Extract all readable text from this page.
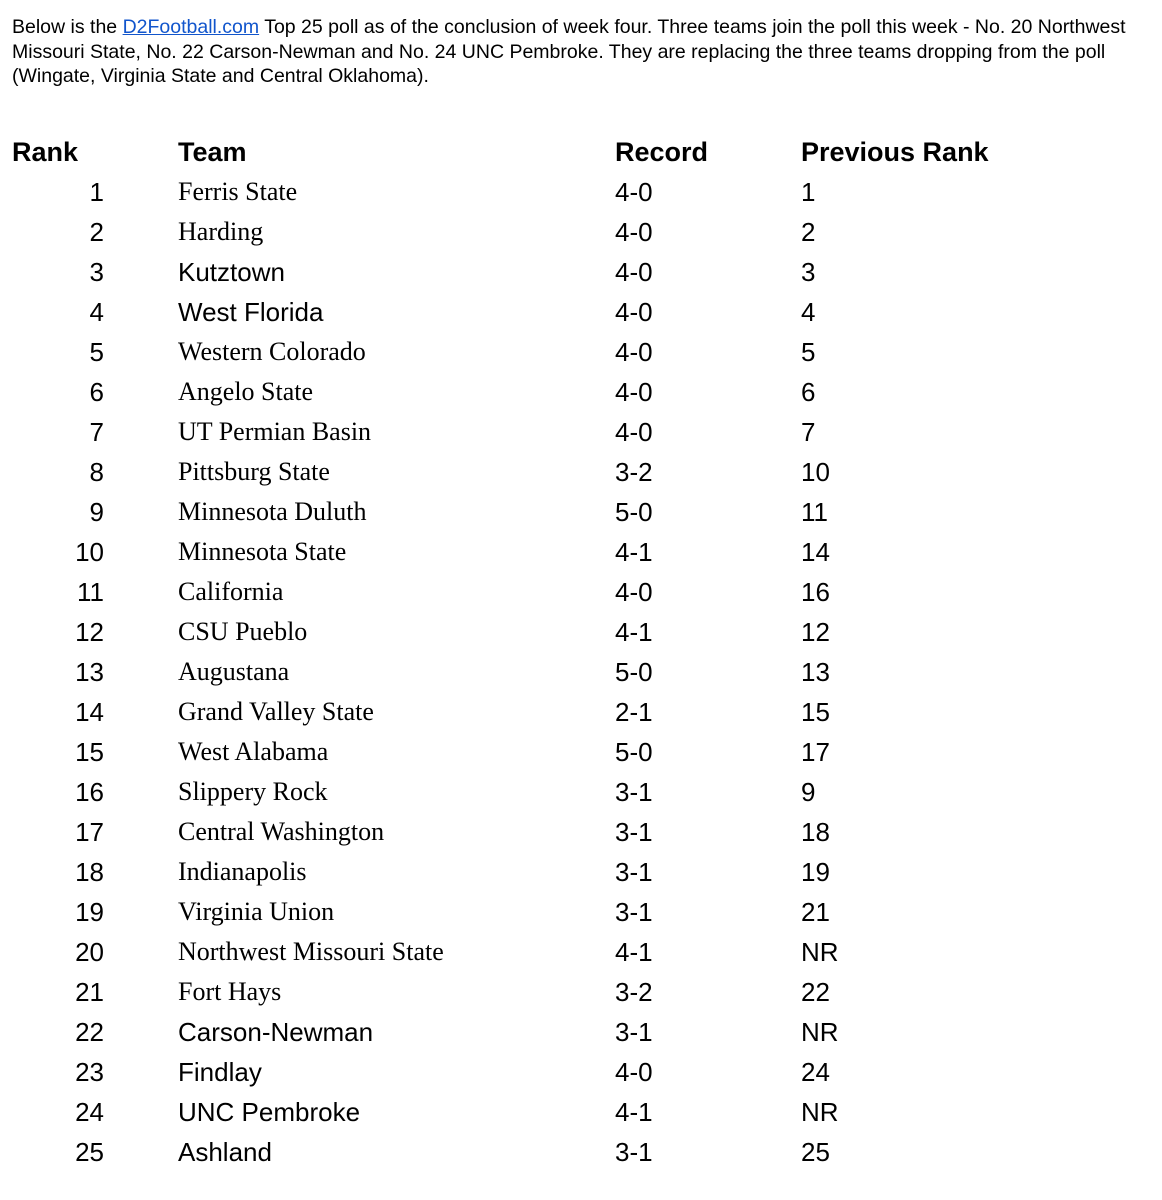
Below is the D2Football.com Top 25 poll as of the conclusion of week four. Three teams join the poll this week - No. 20 Northwest Missouri State, No. 22 Carson-Newman and No. 24 UNC Pembroke. They are replacing the three teams dropping from the poll (Wingate, Virginia State and Central Oklahoma).
Rank	Team	Record	Previous Rank
1	Ferris State	4-0	1
2	Harding	4-0	2
3	Kutztown	4-0	3
4	West Florida	4-0	4
5	Western Colorado	4-0	5
6	Angelo State	4-0	6
7	UT Permian Basin	4-0	7
8	Pittsburg State	3-2	10
9	Minnesota Duluth	5-0	11
10	Minnesota State	4-1	14
11	California	4-0	16
12	CSU Pueblo	4-1	12
13	Augustana	5-0	13
14	Grand Valley State	2-1	15
15	West Alabama	5-0	17
16	Slippery Rock	3-1	9
17	Central Washington	3-1	18
18	Indianapolis	3-1	19
19	Virginia Union	3-1	21
20	Northwest Missouri State	4-1	NR
21	Fort Hays	3-2	22
22	Carson-Newman	3-1	NR
23	Findlay	4-0	24
24	UNC Pembroke	4-1	NR
25	Ashland	3-1	25
